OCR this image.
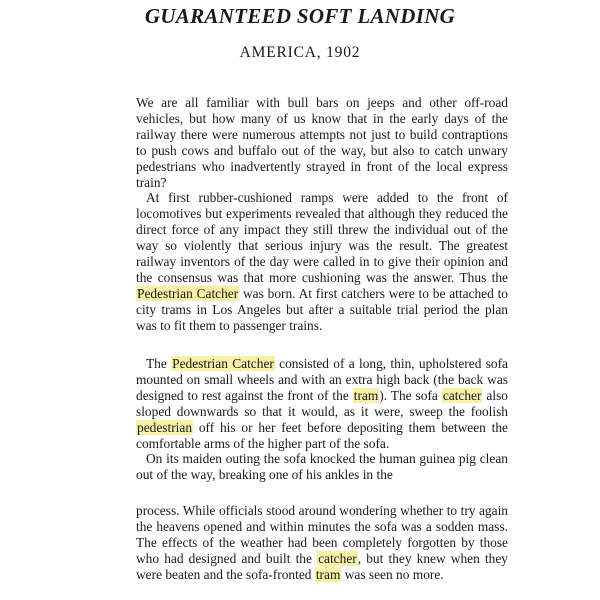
GUARANTEED SOFT LANDING
AMERICA, 1902

We are all familiar with bull bars on jeeps and other off-road vehicles, but how many of us know that in the early days of the railway there were numerous attempts not just to build contraptions to push cows and buffalo out of the way, but also to catch unwary pedestrians who inadvertently strayed in front of the local express train?

At first rubber-cushioned ramps were added to the front of locomotives but experiments revealed that although they reduced the direct force of any impact they still threw the individual out of the way so violently that serious injury was the result. The greatest railway inventors of the day were called in to give their opinion and the consensus was that more cushioning was the answer. Thus the Pedestrian Catcher was born. At first catchers were to be attached to city trams in Los Angeles but after a suitable trial period the plan was to fit them to passenger trains.

The Pedestrian Catcher consisted of a long, thin, upholstered sofa mounted on small wheels and with an extra high back (the back was designed to rest against the front of the tram). The sofa catcher also sloped downwards so that it would, as it were, sweep the foolish pedestrian off his or her feet before depositing them between the comfortable arms of the higher part of the sofa.

On its maiden outing the sofa knocked the human guinea pig clean out of the way, breaking one of his ankles in the

process. While officials stood around wondering whether to try again the heavens opened and within minutes the sofa was a sodden mass. The effects of the weather had been completely forgotten by those who had designed and built the catcher, but they knew when they were beaten and the sofa-fronted tram was seen no more.
